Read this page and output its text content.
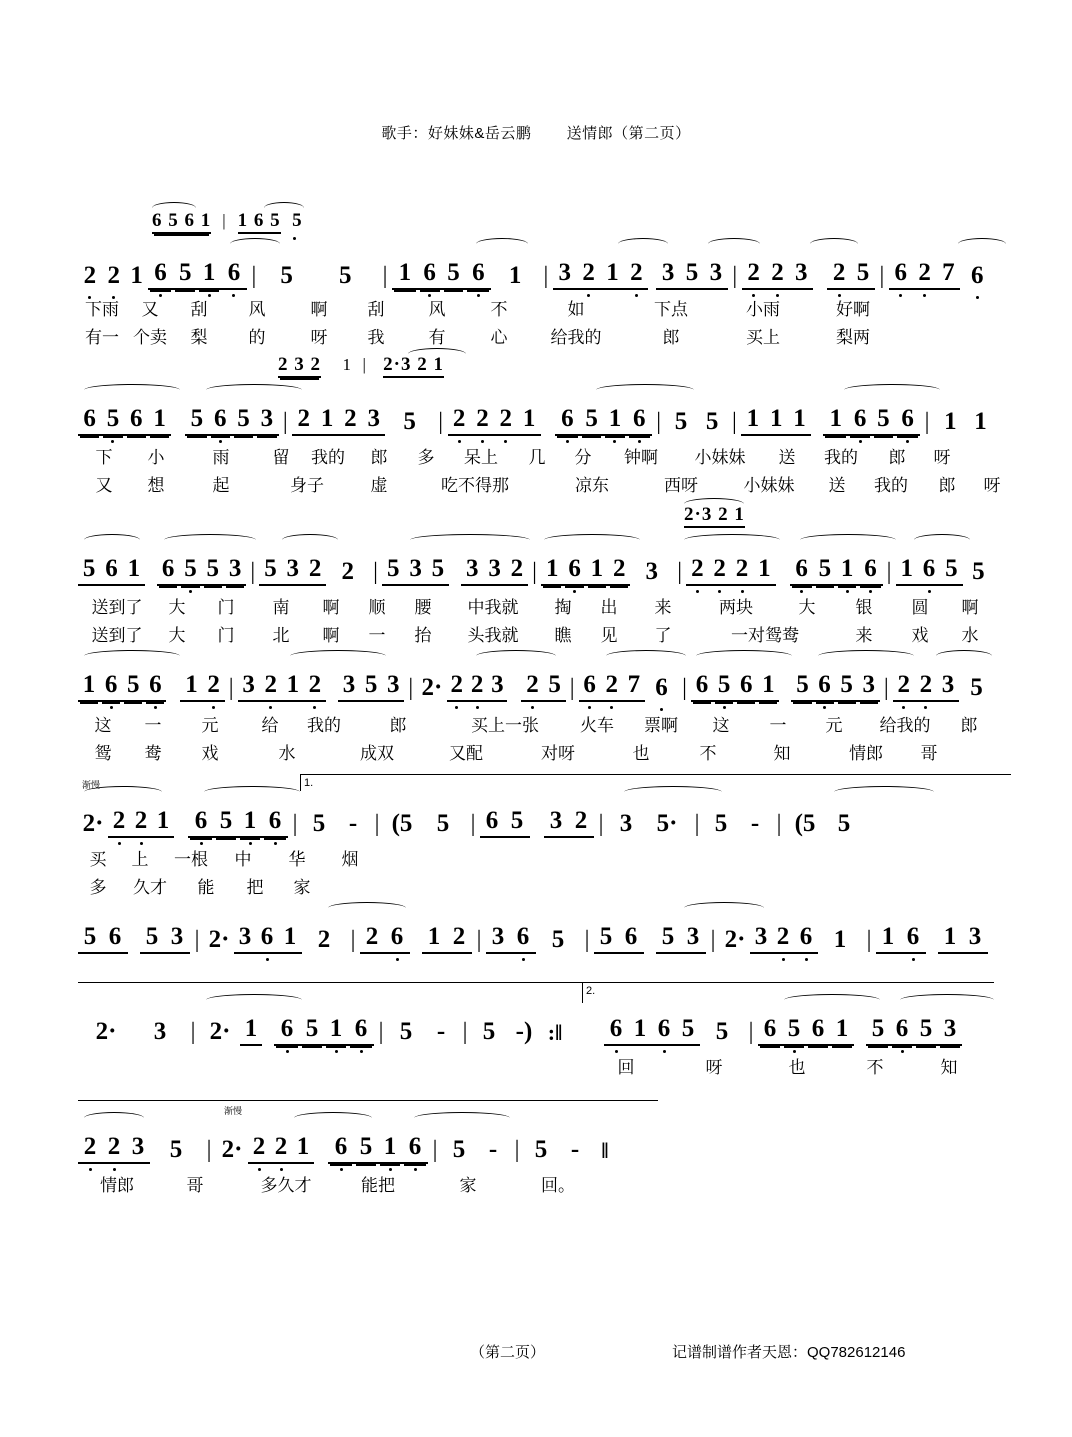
歌手：好妹妹&岳云鹏 送情郎（第二页）
6 5 6 1  |  1 6 5  5
2 2 1 6 5 1 6 | 5	5	| 1 6 5 6 1 | 3 2 1 2 3 5 3 | 2 2 3 2 5 | 6 2 7 6
下雨	又	刮	风	啊	刮	风	不	如	下点	小雨	好啊
有一 个卖	梨	的	呀	我	有	心	给我的	郎	买上	梨两
2 3 2    1  |   2·3 2 1
6 5 6 1 5 6 5 3 | 2 1 2 3 5 | 2 2 2 1 6 5 1 6 | 5 5 | 1 1 1 1 6 5 6 | 1 1
下	小	雨	留	我的	郎	多	呆上	几	分	钟啊	小妹妹	送	我的	郎	呀
又	想	起	身子	虚	吃不得那	凉东	西呀	小妹妹	送	我的	郎	呀
2·3 2 1
5 6 1 6 5 5 3 | 5 3 2 2 | 5 3 5 3 3 2 | 1 6 1 2 3 | 2 2 2 1 6 5 1 6 | 1 6 5 5
送到了	大	门	南	啊	顺	腰	中我就	掏	出	来	两块	大	银	圆	啊
送到了	大	门	北	啊	一	抬	头我就	瞧	见	了	一对鸳鸯	来	戏	水
1 6 5 6 1 2 | 3 2 1 2 3 5 3 | 2· 2 2 3 2 5 | 6 2 7 6 | 6 5 6 1 5 6 5 3 | 2 2 3 5
这	一	元	给	我的	郎	买上一张	火车	票啊	这	一	元	给我的	郎
鸳	鸯	戏	水	成双	又配	对呀	也	不	知	情郎	哥
渐慢	1.
2· 2 2 1 6 5 1 6 | 5 - | (5 5 | 6 5 3 2 | 3 5· | 5 - | (5 5
买	上	一根	中	华	烟
多	久才	能	把	家
5 6 5 3 | 2· 3 6 1 2 | 2 6 1 2 | 3 6 5 | 5 6 5 3 | 2· 3 2 6 1 | 1 6 1 3
2.
2·	3	| 2· 1 6 5 1 6 | 5 - | 5 -) :‖ 6 1 6 5 5 | 6 5 6 1 5 6 5 3
回	呀	也	不	知
渐慢
2 2 3	5	| 2· 2 2 1 6 5 1 6 | 5 - | 5 -	‖
情郎	哥	多久才	能把	家	回。
（第二页）	记谱制谱作者天恩：QQ782612146
